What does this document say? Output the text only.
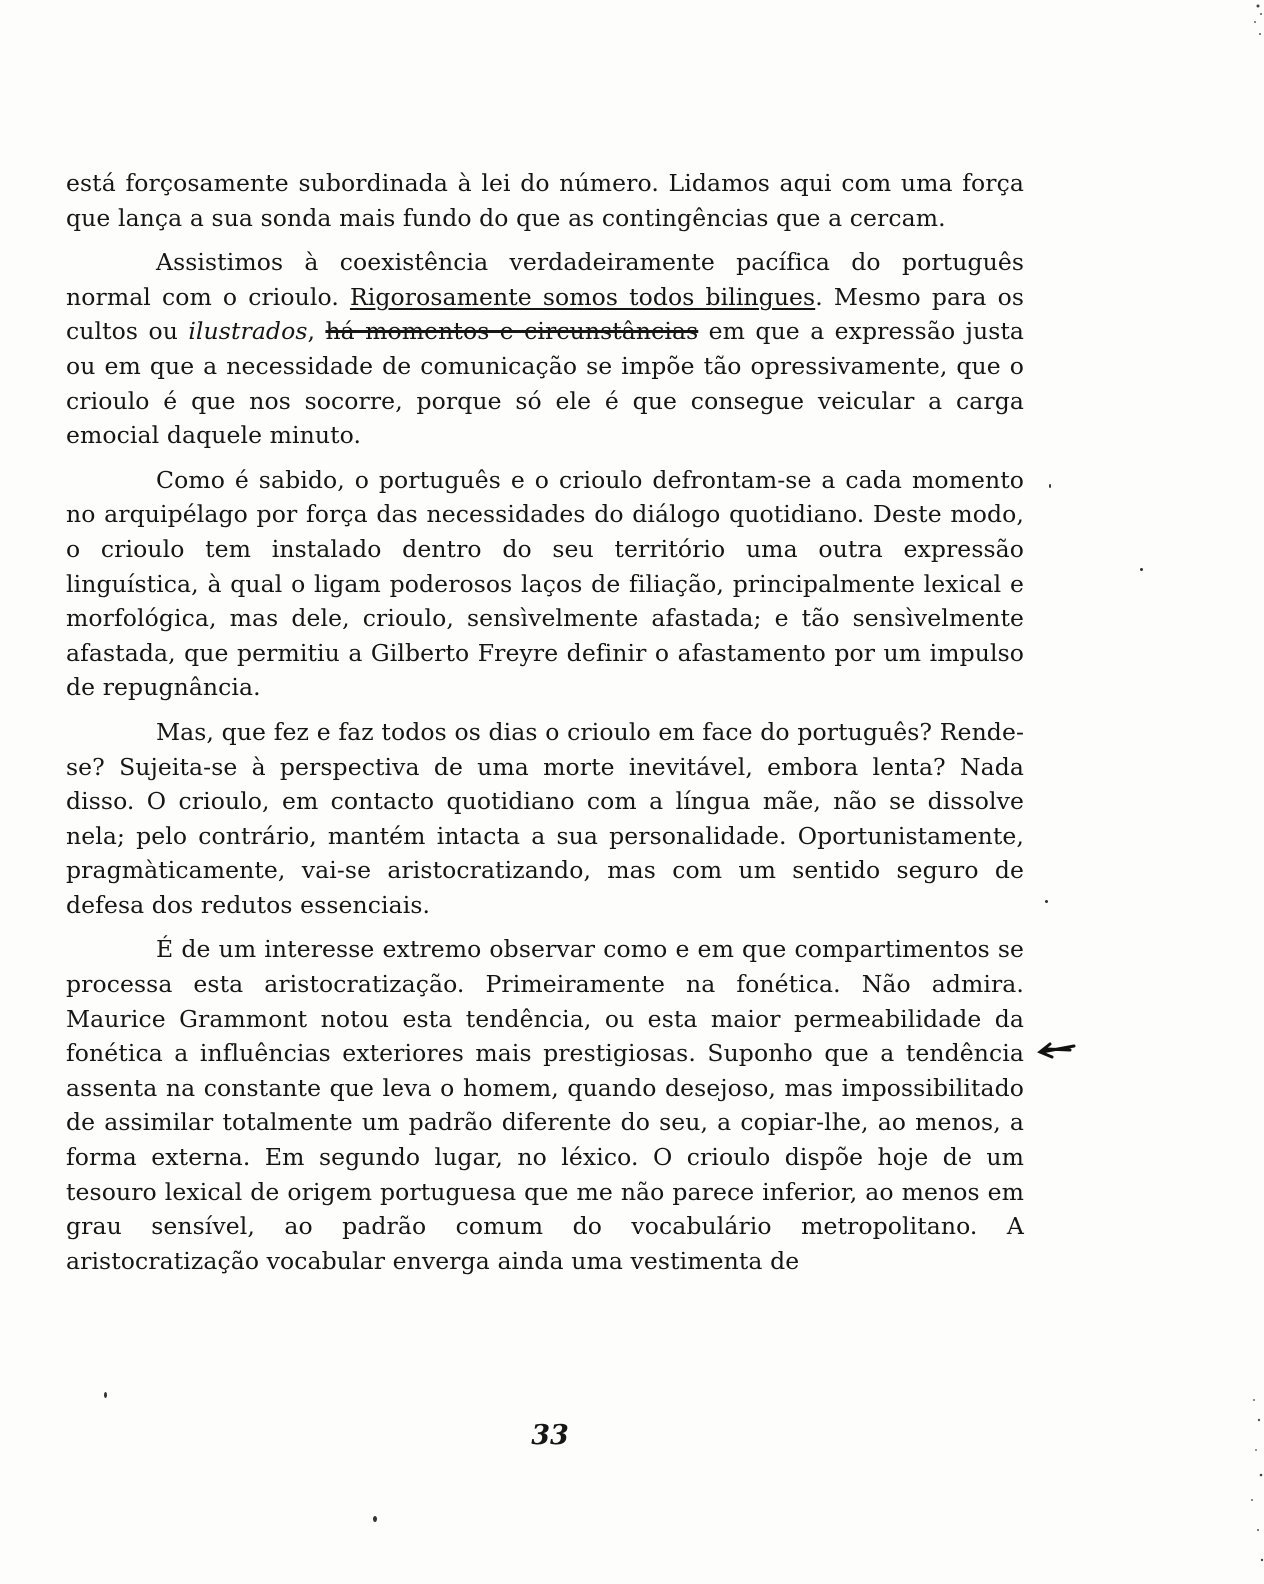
está forçosamente subordinada à lei do número. Lidamos aqui com uma força que lança a sua sonda mais fundo do que as contingências que a cercam.

Assistimos à coexistência verdadeiramente pacífica do português normal com o crioulo. Rigorosamente somos todos bilingues. Mesmo para os cultos ou ilustrados, há momentos e circunstâncias em que a expressão justa ou em que a necessidade de comunicação se impõe tão opressivamente, que o crioulo é que nos socorre, porque só ele é que consegue veicular a carga emocial daquele minuto.

Como é sabido, o português e o crioulo defrontam-se a cada momento no arquipélago por força das necessidades do diálogo quotidiano. Deste modo, o crioulo tem instalado dentro do seu território uma outra expressão linguística, à qual o ligam poderosos laços de filiação, principalmente lexical e morfológica, mas dele, crioulo, sensìvelmente afastada; e tão sensìvelmente afastada, que permitiu a Gilberto Freyre definir o afastamento por um impulso de repugnância.

Mas, que fez e faz todos os dias o crioulo em face do português? Rende-se? Sujeita-se à perspectiva de uma morte inevitável, embora lenta? Nada disso. O crioulo, em contacto quotidiano com a língua mãe, não se dissolve nela; pelo contrário, mantém intacta a sua personalidade. Oportunistamente, pragmàticamente, vai-se aristocratizando, mas com um sentido seguro de defesa dos redutos essenciais.

É de um interesse extremo observar como e em que compartimentos se processa esta aristocratização. Primeiramente na fonética. Não admira. Maurice Grammont notou esta tendência, ou esta maior permeabilidade da fonética a influências exteriores mais prestigiosas. Suponho que a tendência assenta na constante que leva o homem, quando desejoso, mas impossibilitado de assimilar totalmente um padrão diferente do seu, a copiar-lhe, ao menos, a forma externa. Em segundo lugar, no léxico. O crioulo dispõe hoje de um tesouro lexical de origem portuguesa que me não parece inferior, ao menos em grau sensível, ao padrão comum do vocabulário metropolitano. A aristocratização vocabular enverga ainda uma vestimenta de

33
